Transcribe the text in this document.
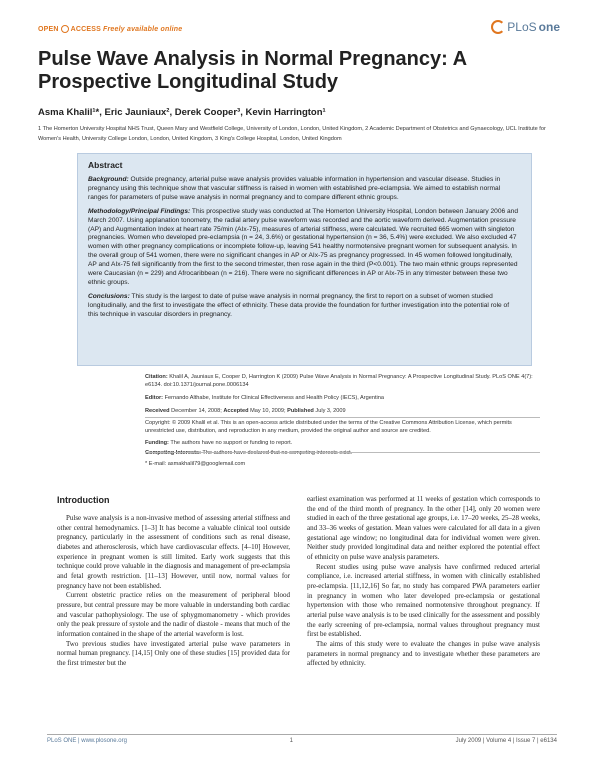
OPEN ACCESS Freely available online	PLoS one
Pulse Wave Analysis in Normal Pregnancy: A Prospective Longitudinal Study
Asma Khalil¹*, Eric Jauniaux², Derek Cooper³, Kevin Harrington¹
1 The Homerton University Hospital NHS Trust, Queen Mary and Westfield College, University of London, London, United Kingdom, 2 Academic Department of Obstetrics and Gynaecology, UCL Institute for Women's Health, University College London, London, United Kingdom, 3 King's College Hospital, London, United Kingdom
Abstract

Background: Outside pregnancy, arterial pulse wave analysis provides valuable information in hypertension and vascular disease. Studies in pregnancy using this technique show that vascular stiffness is raised in women with established pre-eclampsia. We aimed to establish normal ranges for parameters of pulse wave analysis in normal pregnancy and to compare different ethnic groups.

Methodology/Principal Findings: This prospective study was conducted at The Homerton University Hospital, London between January 2006 and March 2007. Using applanation tonometry, the radial artery pulse waveform was recorded and the aortic waveform derived. Augmentation pressure (AP) and Augmentation Index at heart rate 75/min (AIx-75), measures of arterial stiffness, were calculated. We recruited 665 women with singleton pregnancies. Women who developed pre-eclampsia (n = 24, 3.6%) or gestational hypertension (n = 36, 5.4%) were excluded. We also excluded 47 women with other pregnancy complications or incomplete follow-up, leaving 541 healthy normotensive pregnant women for subsequent analysis. In the overall group of 541 women, there were no significant changes in AP or AIx-75 as pregnancy progressed. In 45 women followed longitudinally, AP and AIx-75 fell significantly from the first to the second trimester, then rose again in the third (P<0.001). The two main ethnic groups represented were Caucasian (n = 229) and Afrocaribbean (n = 216). There were no significant differences in AP or AIx-75 in any trimester between these two ethnic groups.

Conclusions: This study is the largest to date of pulse wave analysis in normal pregnancy, the first to report on a subset of women studied longitudinally, and the first to investigate the effect of ethnicity. These data provide the foundation for further investigation into the potential role of this technique in vascular disorders in pregnancy.

Citation: Khalil A, Jauniaux E, Cooper D, Harrington K (2009) Pulse Wave Analysis in Normal Pregnancy: A Prospective Longitudinal Study. PLoS ONE 4(7): e6134. doi:10.1371/journal.pone.0006134

Editor: Fernando Althabe, Institute for Clinical Effectiveness and Health Policy (IECS), Argentina

Received December 14, 2008; Accepted May 10, 2009; Published July 3, 2009

Copyright: © 2009 Khalil et al. This is an open-access article distributed under the terms of the Creative Commons Attribution License, which permits unrestricted use, distribution, and reproduction in any medium, provided the original author and source are credited.

Funding: The authors have no support or funding to report.

Competing Interests: The authors have declared that no competing interests exist.

* E-mail: asmakhalil79@googlemail.com

Introduction

Pulse wave analysis is a non-invasive method of assessing arterial stiffness and other central hemodynamics. [1–3] It has become a valuable clinical tool outside pregnancy, particularly in the assessment of conditions such as renal disease, diabetes and atherosclerosis, which have cardiovascular effects. [4–10] However, experience in pregnant women is still limited. Early work suggests that this technique could prove valuable in the diagnosis and management of pre-eclampsia and fetal growth restriction. [11–13] However, until now, normal values for pregnancy have not been established.

Current obstetric practice relies on the measurement of peripheral blood pressure, but central pressure may be more valuable in understanding both cardiac and vascular pathophysiology. The use of sphygmomanometry - which provides only the peak pressure of systole and the nadir of diastole - means that much of the information contained in the shape of the arterial waveform is lost.

Two previous studies have investigated arterial pulse wave parameters in normal human pregnancy. [14,15] Only one of these studies [15] provided data for the first trimester but the

earliest examination was performed at 11 weeks of gestation which corresponds to the end of the third month of pregnancy. In the other [14], only 20 women were studied in each of the three gestational age groups, i.e. 17–20 weeks, 25–28 weeks, and 33–36 weeks of gestation. Mean values were calculated for all data in a given gestational age window; no longitudinal data for individual women were given. Neither study provided longitudinal data and neither explored the potential effect of ethnicity on pulse wave analysis parameters.

Recent studies using pulse wave analysis have confirmed reduced arterial compliance, i.e. increased arterial stiffness, in women with clinically established pre-eclampsia. [11,12,16] So far, no study has compared PWA parameters earlier in pregnancy in women who later developed pre-eclampsia or gestational hypertension with those who remained normotensive throughout pregnancy. If arterial pulse wave analysis is to be used clinically for the assessment and possibly the early screening of pre-eclampsia, normal values throughout pregnancy must first be established.

The aims of this study were to evaluate the changes in pulse wave analysis parameters in normal pregnancy and to investigate whether these parameters are affected by ethnicity.

PLoS ONE | www.plosone.org	1	July 2009 | Volume 4 | Issue 7 | e6134
